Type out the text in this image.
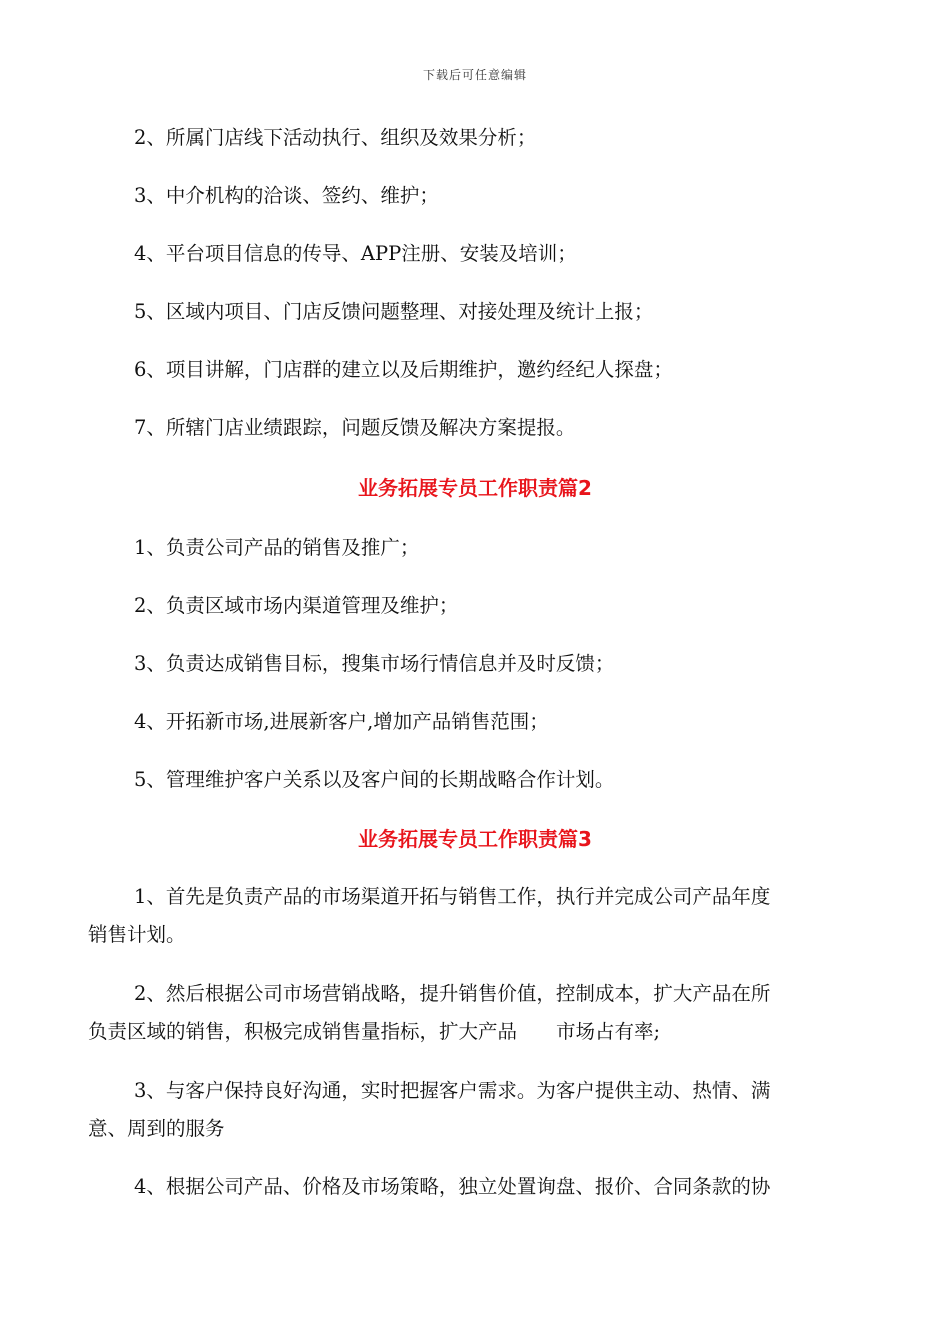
下载后可任意编辑
2、所属门店线下活动执行、组织及效果分析；
3、中介机构的洽谈、签约、维护；
4、平台项目信息的传导、APP注册、安装及培训；
5、区域内项目、门店反馈问题整理、对接处理及统计上报；
6、项目讲解，门店群的建立以及后期维护，邀约经纪人探盘；
7、所辖门店业绩跟踪，问题反馈及解决方案提报。
业务拓展专员工作职责篇2
1、负责公司产品的销售及推广；
2、负责区域市场内渠道管理及维护；
3、负责达成销售目标，搜集市场行情信息并及时反馈；
4、开拓新市场,进展新客户,增加产品销售范围；
5、管理维护客户关系以及客户间的长期战略合作计划。
业务拓展专员工作职责篇3
1、首先是负责产品的市场渠道开拓与销售工作，执行并完成公司产品年度
销售计划。
2、然后根据公司市场营销战略，提升销售价值，控制成本，扩大产品在所
负责区域的销售，积极完成销售量指标，扩大产品　　市场占有率;
3、与客户保持良好沟通，实时把握客户需求。为客户提供主动、热情、满
意、周到的服务
4、根据公司产品、价格及市场策略，独立处置询盘、报价、合同条款的协
